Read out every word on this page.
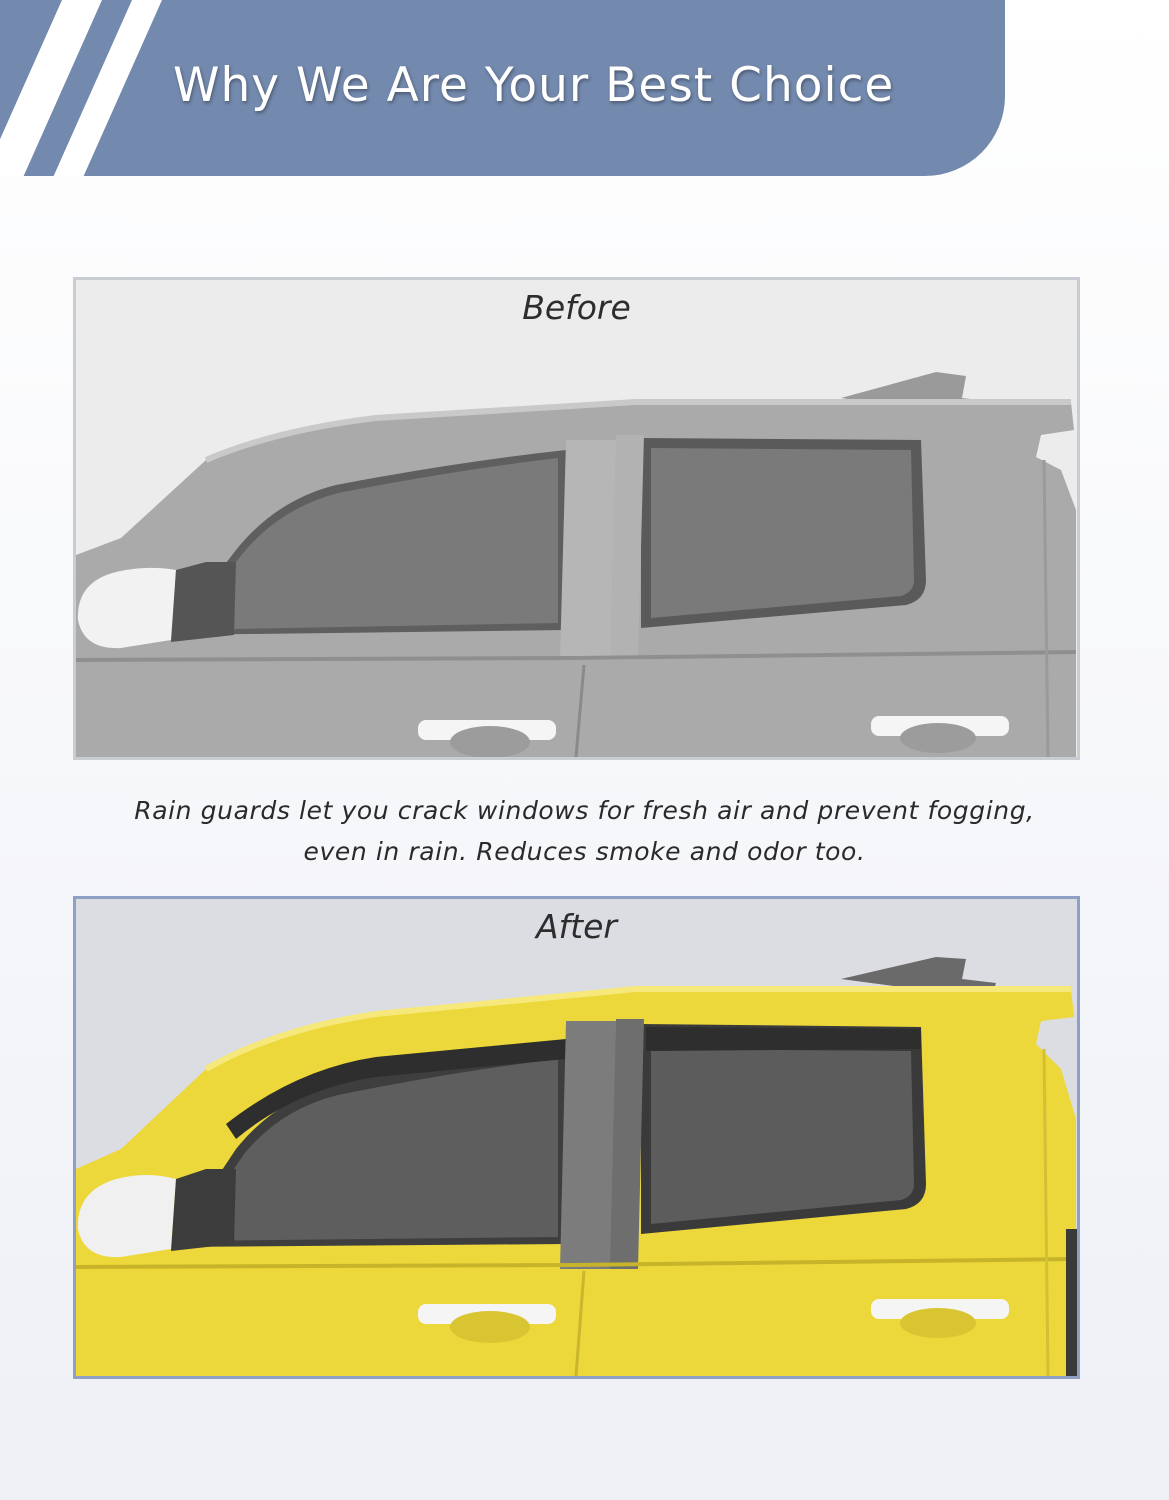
Why We Are Your Best Choice
Before

Rain guards let you crack windows for fresh air and prevent fogging,
even in rain. Reduces smoke and odor too.

After
